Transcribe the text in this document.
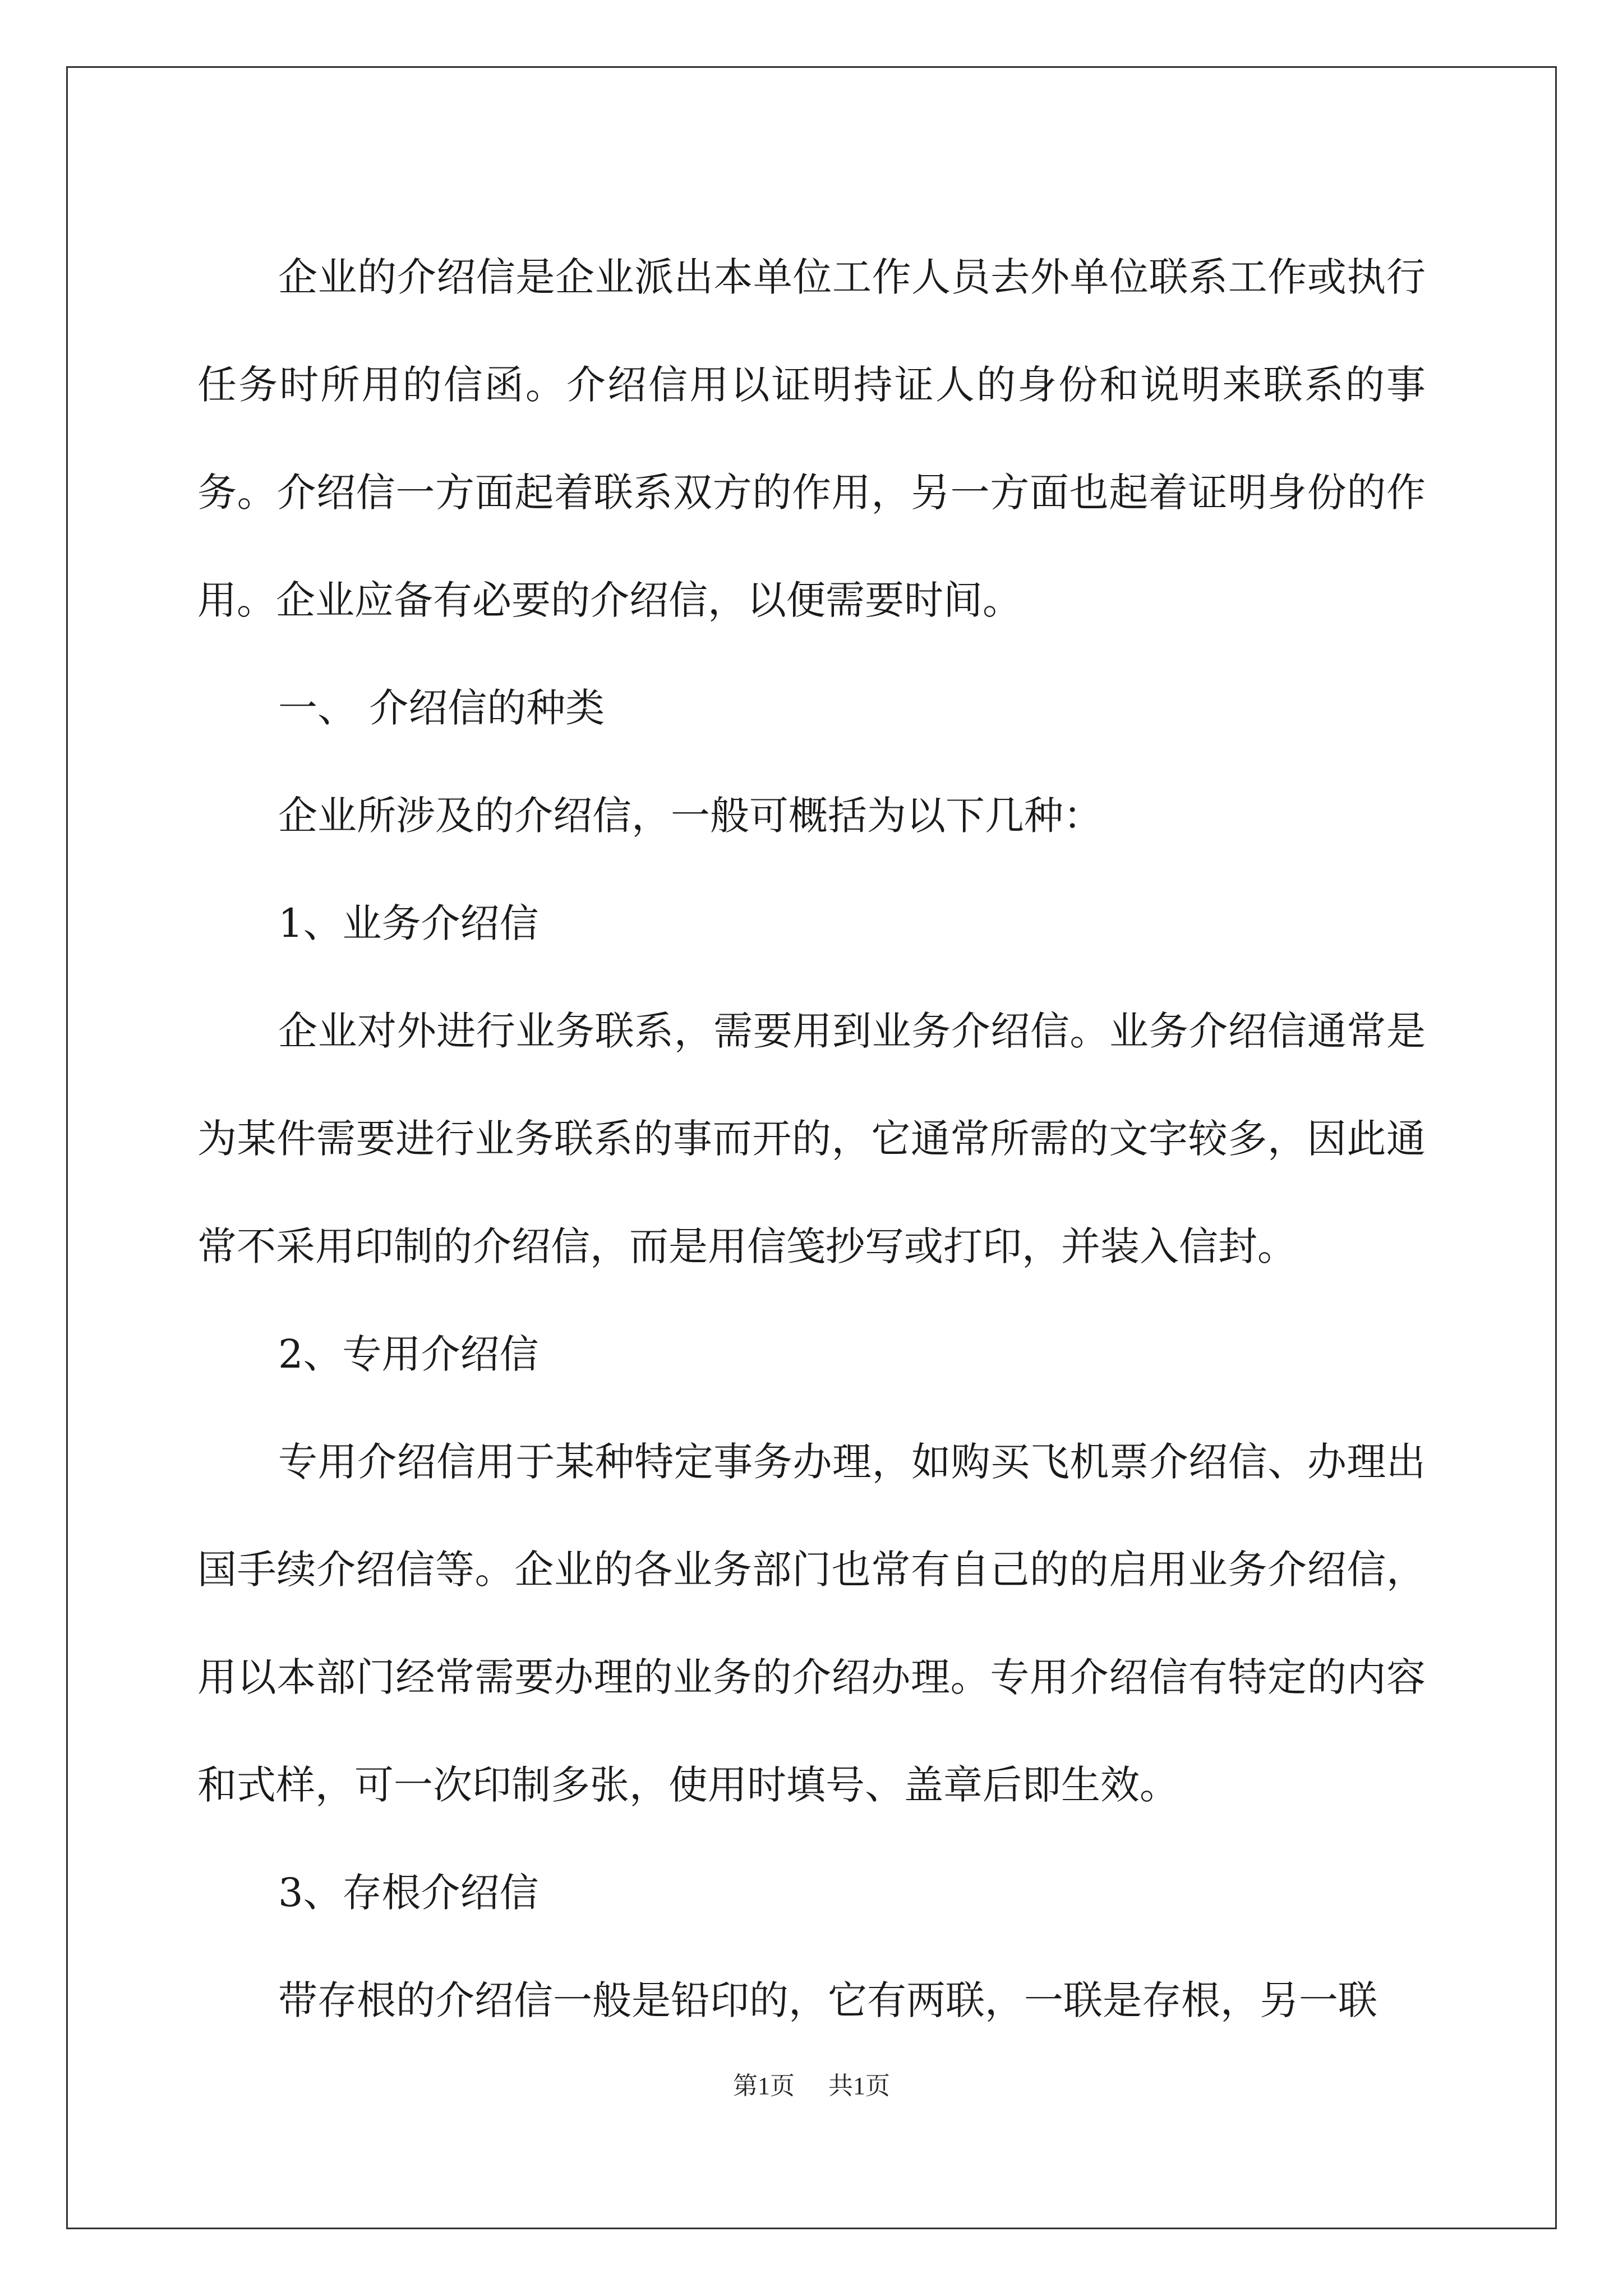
企业的介绍信是企业派出本单位工作人员去外单位联系工作或执行任务时所用的信函。介绍信用以证明持证人的身份和说明来联系的事务。介绍信一方面起着联系双方的作用，另一方面也起着证明身份的作用。企业应备有必要的介绍信，以便需要时间。

一、 介绍信的种类

企业所涉及的介绍信，一般可概括为以下几种：

1、业务介绍信

企业对外进行业务联系，需要用到业务介绍信。业务介绍信通常是为某件需要进行业务联系的事而开的，它通常所需的文字较多，因此通常不采用印制的介绍信，而是用信笺抄写或打印，并装入信封。

2、专用介绍信

专用介绍信用于某种特定事务办理，如购买飞机票介绍信、办理出国手续介绍信等。企业的各业务部门也常有自己的的启用业务介绍信，用以本部门经常需要办理的业务的介绍办理。专用介绍信有特定的内容和式样，可一次印制多张，使用时填号、盖章后即生效。

3、存根介绍信

带存根的介绍信一般是铅印的，它有两联，一联是存根，另一联

第1页 共1页
